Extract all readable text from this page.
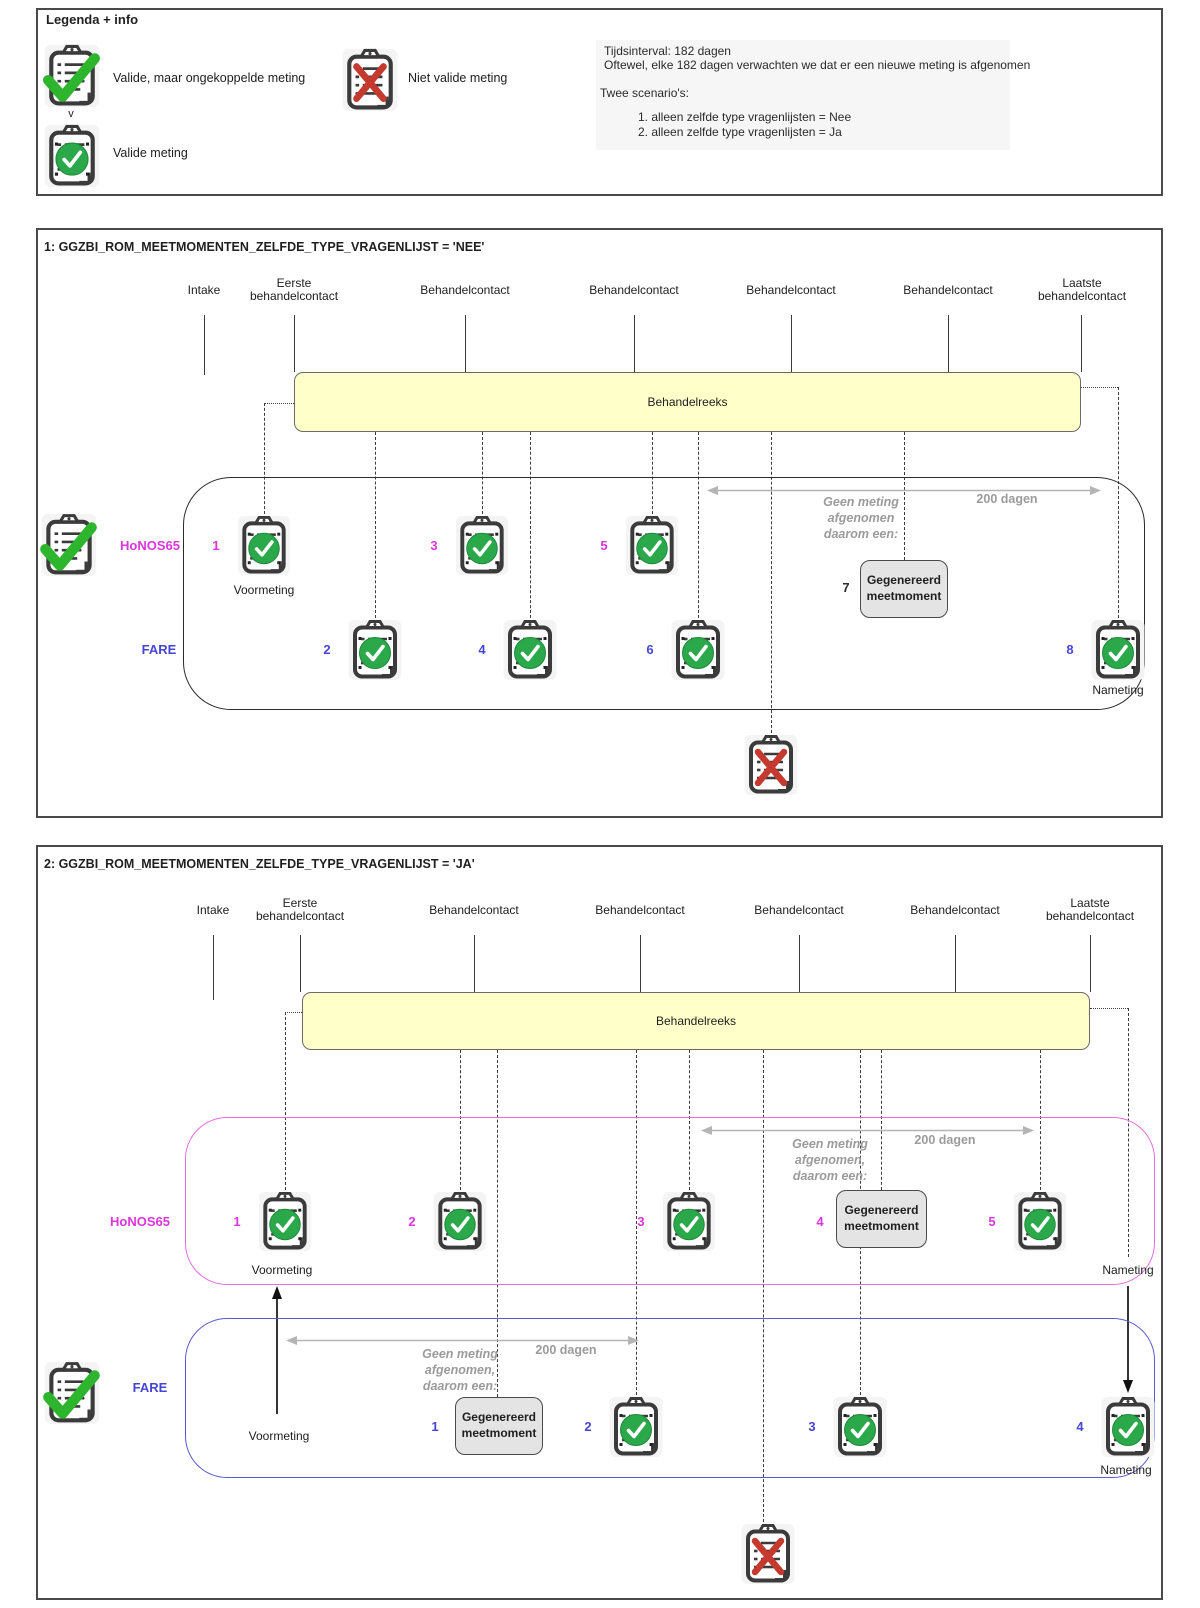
Legenda + info
Valide, maar ongekoppelde meting
v
Valide meting
Niet valide meting
Tijdsinterval: 182 dagen
Oftewel, elke 182 dagen verwachten we dat er een nieuwe meting is afgenomen
Twee scenario's:
1. alleen zelfde type vragenlijsten = Nee
2. alleen zelfde type vragenlijsten = Ja
1: GGZBI_ROM_MEETMOMENTEN_ZELFDE_TYPE_VRAGENLIJST = 'NEE'
Intake	Eerste behandelcontact	Behandelcontact	Behandelcontact	Behandelcontact	Behandelcontact	Laatste behandelcontact
Behandelreeks
HoNOS65
FARE
Geen meting
afgenomen
daarom een:
200 dagen
1
Voormeting
3	5
7	Gegenereerd meetmoment
2	4	6	8
Nameting
2: GGZBI_ROM_MEETMOMENTEN_ZELFDE_TYPE_VRAGENLIJST = 'JA'
Intake	Eerste behandelcontact	Behandelcontact	Behandelcontact	Behandelcontact	Behandelcontact	Laatste behandelcontact
Behandelreeks
HoNOS65
Geen meting
afgenomen,
daarom een:
200 dagen
1
Voormeting
2	3	4
Gegenereerd meetmoment	5
Nameting
FARE
Geen meting
afgenomen,
daarom een:
200 dagen
Voormeting
1
Gegenereerd meetmoment	2	3	4
Nameting
